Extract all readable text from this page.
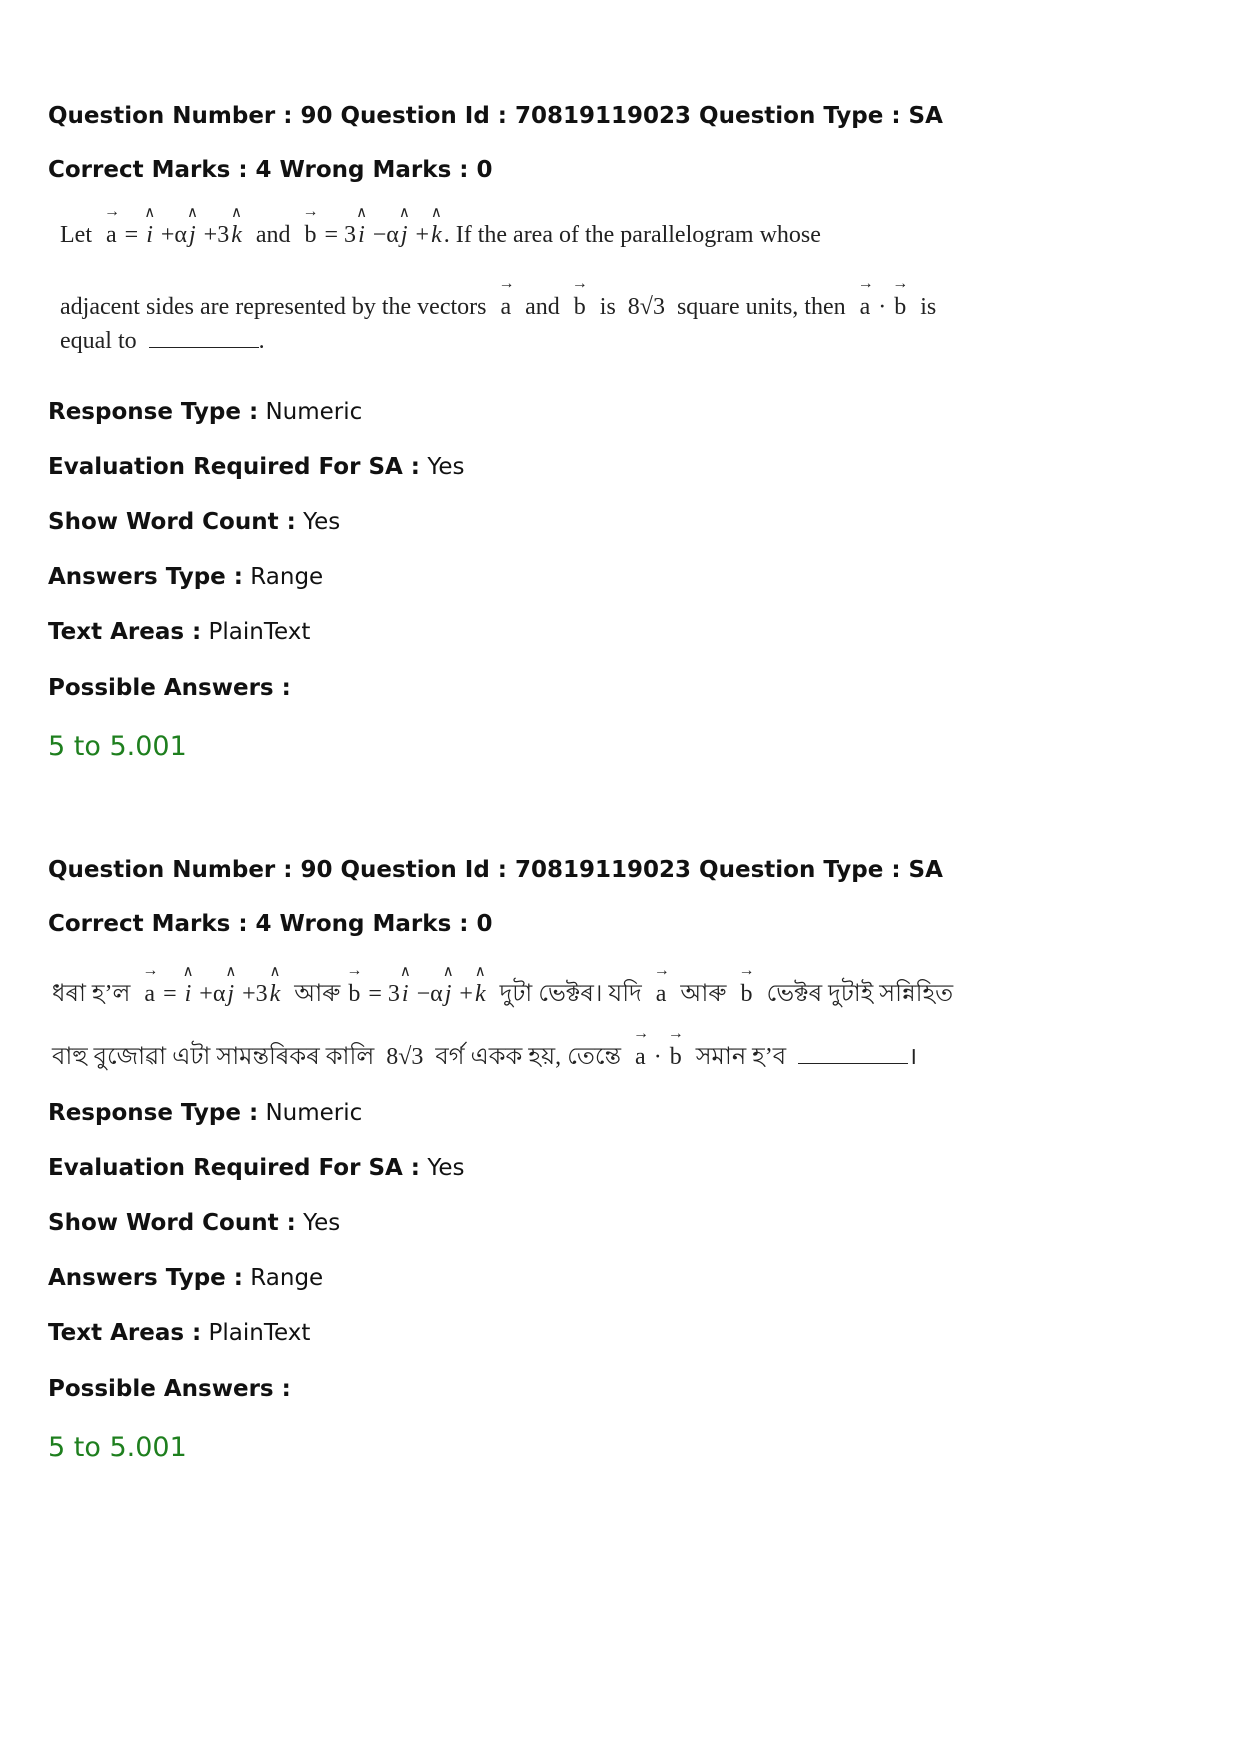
Question Number : 90 Question Id : 70819119023 Question Type : SA
Correct Marks : 4 Wrong Marks : 0
Let → a = ∧ i +α∧ j +3∧ k and → b = 3∧ i −α∧ j +∧ k. If the area of the parallelogram whose
adjacent sides are represented by the vectors → a and → b is 8√3 square units, then → a · → b is
equal to	.
Response Type : Numeric
Evaluation Required For SA : Yes
Show Word Count : Yes
Answers Type : Range
Text Areas : PlainText
Possible Answers :
5 to 5.001
Question Number : 90 Question Id : 70819119023 Question Type : SA
Correct Marks : 4 Wrong Marks : 0
ধৰা হ’ল → a = ∧ i +α∧ j +3∧ k আৰু → b = 3∧ i −α∧ j +∧ k দুটা ভেক্টৰ। যদি → a আৰু → b ভেক্টৰ দুটাই সন্নিহিত
বাহু বুজোৱা এটা সামন্তৰিকৰ কালি 8√3 বৰ্গ একক হয়, তেন্তে → a · → b সমান হ’ব	।
Response Type : Numeric
Evaluation Required For SA : Yes
Show Word Count : Yes
Answers Type : Range
Text Areas : PlainText
Possible Answers :
5 to 5.001
